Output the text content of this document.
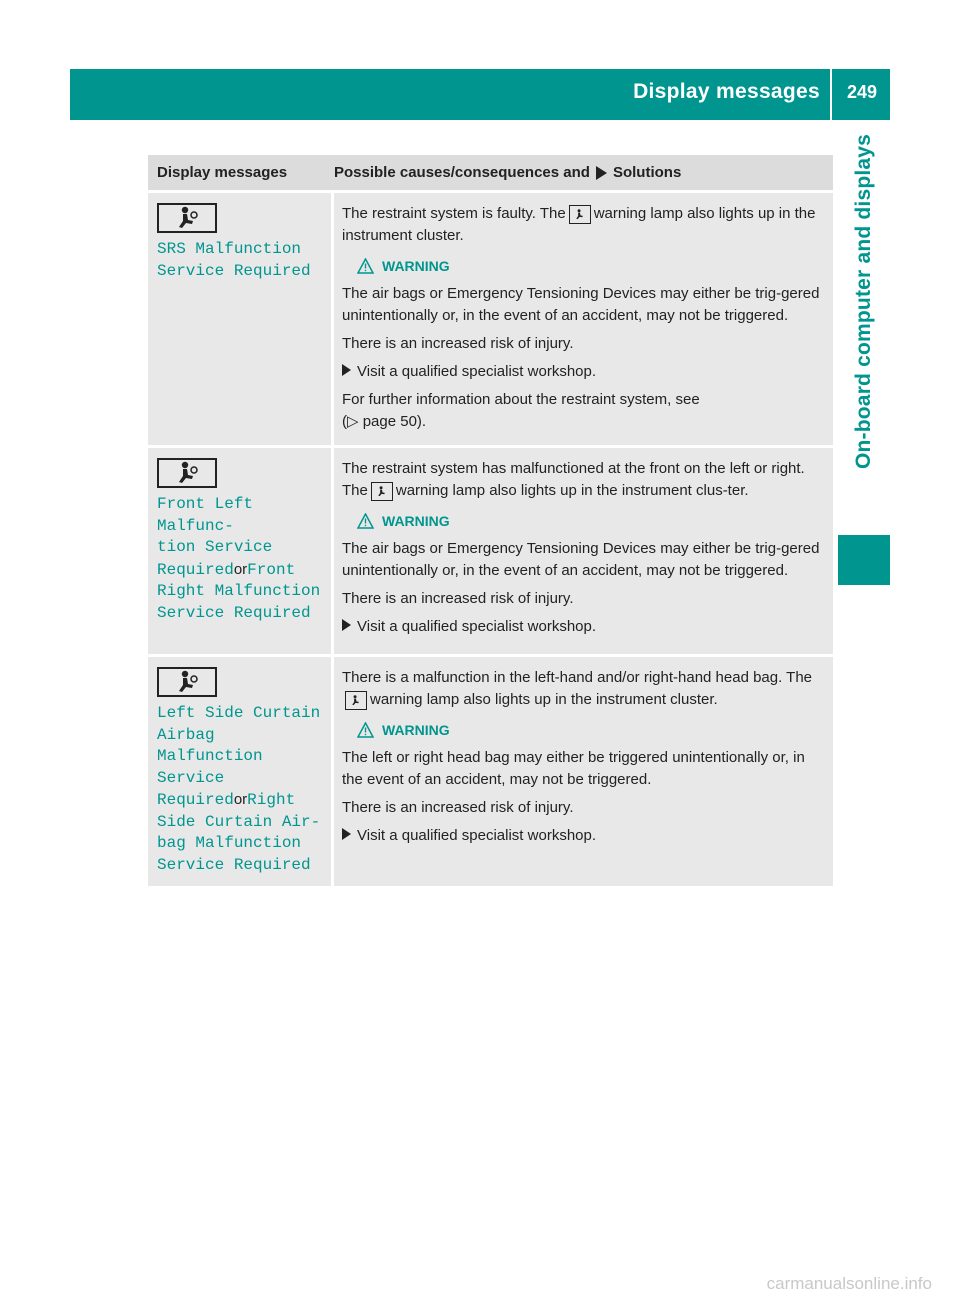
Display messages	249
On-board computer and displays
Display messages	Possible causes/consequences and Solutions
SRS Malfunction
Service Required

The restraint system is faulty. The warning lamp also lights up in the instrument cluster.

WARNING

The air bags or Emergency Tensioning Devices may either be trig-gered unintentionally or, in the event of an accident, may not be triggered.

There is an increased risk of injury.

Visit a qualified specialist workshop.

For further information about the restraint system, see
(▷ page 50).

Front Left Malfunc‐
tion Service
RequiredorFront
Right Malfunction
Service Required

The restraint system has malfunctioned at the front on the left or right. The warning lamp also lights up in the instrument clus-ter.

WARNING

The air bags or Emergency Tensioning Devices may either be trig-gered unintentionally or, in the event of an accident, may not be triggered.

There is an increased risk of injury.

Visit a qualified specialist workshop.
Left Side Curtain
Airbag Malfunction
Service
RequiredorRight
Side Curtain Air‐
bag Malfunction
Service Required

There is a malfunction in the left-hand and/or right-hand head bag. The
warning lamp also lights up in the instrument cluster.

WARNING

The left or right head bag may either be triggered unintentionally or, in the event of an accident, may not be triggered.

There is an increased risk of injury.

Visit a qualified specialist workshop.
carmanualsonline.info
